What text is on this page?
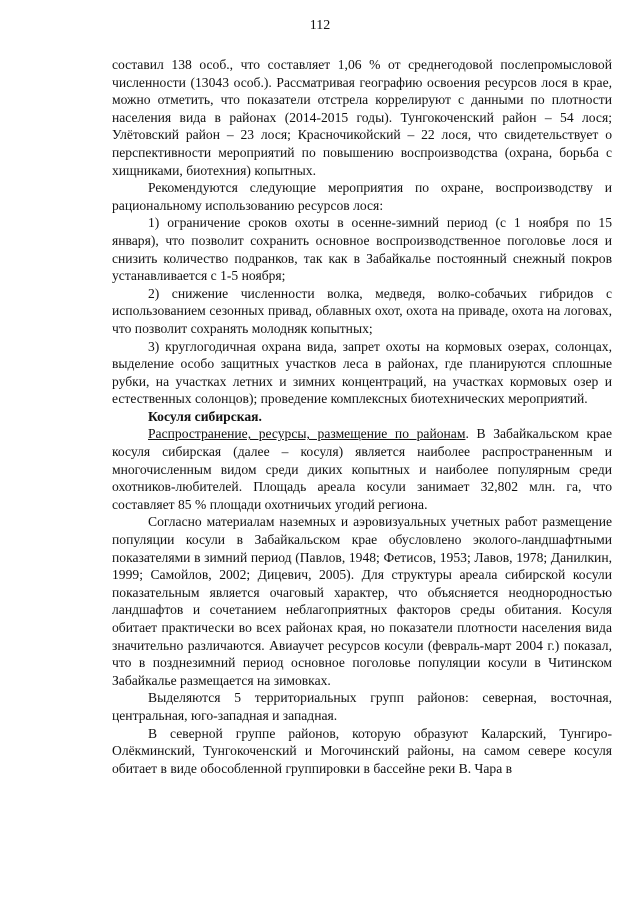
112

составил 138 особ., что составляет 1,06 % от среднегодовой послепромысловой численности (13043 особ.). Рассматривая географию освоения ресурсов лося в крае, можно отметить, что показатели отстрела коррелируют с данными по плотности населения вида в районах (2014-2015 годы). Тунгокоченский район – 54 лося; Улётовский район – 23 лося; Красночикойский – 22 лося, что свидетельствует о перспективности мероприятий по повышению воспроизводства (охрана, борьба с хищниками, биотехния) копытных.

Рекомендуются следующие мероприятия по охране, воспроизводству и рациональному использованию ресурсов лося:

1) ограничение сроков охоты в осенне-зимний период (с 1 ноября по 15 января), что позволит сохранить основное воспроизводственное поголовье лося и снизить количество подранков, так как в Забайкалье постоянный снежный покров устанавливается с 1-5 ноября;

2) снижение численности волка, медведя, волко-собачьих гибридов с использованием сезонных привад, облавных охот, охота на приваде, охота на логовах, что позволит сохранять молодняк копытных;

3) круглогодичная охрана вида, запрет охоты на кормовых озерах, солонцах, выделение особо защитных участков леса в районах, где планируются сплошные рубки, на участках летних и зимних концентраций, на участках кормовых озер и естественных солонцов); проведение комплексных биотехнических мероприятий.

Косуля сибирская.

Распространение, ресурсы, размещение по районам. В Забайкальском крае косуля сибирская (далее – косуля) является наиболее распространенным и многочисленным видом среди диких копытных и наиболее популярным среди охотников-любителей. Площадь ареала косули занимает 32,802 млн. га, что составляет 85 % площади охотничьих угодий региона.

Согласно материалам наземных и аэровизуальных учетных работ размещение популяции косули в Забайкальском крае обусловлено эколого-ландшафтными показателями в зимний период (Павлов, 1948; Фетисов, 1953; Лавов, 1978; Данилкин, 1999; Самойлов, 2002; Дицевич, 2005). Для структуры ареала сибирской косули показательным является очаговый характер, что объясняется неоднородностью ландшафтов и сочетанием неблагоприятных факторов среды обитания. Косуля обитает практически во всех районах края, но показатели плотности населения вида значительно различаются. Авиаучет ресурсов косули (февраль-март 2004 г.) показал, что в позднезимний период основное поголовье популяции косули в Читинском Забайкалье размещается на зимовках.

Выделяются 5 территориальных групп районов: северная, восточная, центральная, юго-западная и западная.

В северной группе районов, которую образуют Каларский, Тунгиро-Олёкминский, Тунгокоченский и Могочинский районы, на самом севере косуля обитает в виде обособленной группировки в бассейне реки В. Чара в
